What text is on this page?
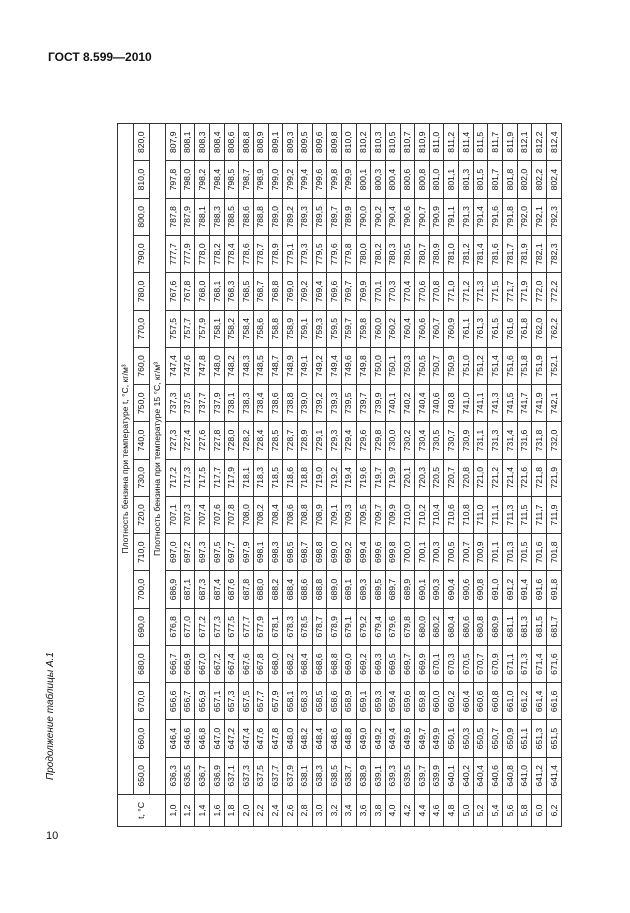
ГОСТ 8.599—2010
Продолжение таблицы А.1
t, °C	Плотность бензина при температуре t, °C, кг/м³																	
	650,0	660,0	670,0	680,0	690,0	700,0	710,0	720,0	730,0	740,0	750,0	760,0	770,0	780,0	790,0	800,0	810,0	820,0
	Плотность бензина при температуре 15 °C, кг/м³																	
1,0	636,3	646,4	656,6	666,7	676,8	686,9	697,0	707,1	717,2	727,3	737,3	747,4	757,5	767,6	777,7	787,8	797,8	807,9
1,2	636,5	646,6	656,7	666,9	677,0	687,1	697,2	707,3	717,3	727,4	737,5	747,6	757,7	767,8	777,9	787,9	798,0	808,1
1,4	636,7	646,8	656,9	667,0	677,2	687,3	697,3	707,4	717,5	727,6	737,7	747,8	757,9	768,0	778,0	788,1	798,2	808,3
1,6	636,9	647,0	657,1	667,2	677,3	687,4	697,5	707,6	717,7	727,8	737,9	748,0	758,1	768,1	778,2	788,3	798,4	808,4
1,8	637,1	647,2	657,3	667,4	677,5	687,6	697,7	707,8	717,9	728,0	738,1	748,2	758,2	768,3	778,4	788,5	798,5	808,6
2,0	637,3	647,4	657,5	667,6	677,7	687,8	697,9	708,0	718,1	728,2	738,3	748,3	758,4	768,5	778,6	788,6	798,7	808,8
2,2	637,5	647,6	657,7	667,8	677,9	688,0	698,1	708,2	718,3	728,4	738,4	748,5	758,6	768,7	778,7	788,8	798,9	808,9
2,4	637,7	647,8	657,9	668,0	678,1	688,2	698,3	708,4	718,5	728,5	738,6	748,7	758,8	768,8	778,9	789,0	799,0	809,1
2,6	637,9	648,0	658,1	668,2	678,3	688,4	698,5	708,6	718,6	728,7	738,8	748,9	758,9	769,0	779,1	789,2	799,2	809,3
2,8	638,1	648,2	658,3	668,4	678,5	688,6	698,7	708,8	718,8	728,9	739,0	749,1	759,1	769,2	779,3	789,3	799,4	809,5
3,0	638,3	648,4	658,5	668,6	678,7	688,8	698,8	708,9	719,0	729,1	739,2	749,2	759,3	769,4	779,5	789,5	799,6	809,6
3,2	638,5	648,6	658,6	668,8	678,9	689,0	699,0	709,1	719,2	729,3	739,3	749,4	759,5	769,6	779,6	789,7	799,8	809,8
3,4	638,7	648,8	658,9	669,0	679,1	689,1	699,2	709,3	719,4	729,4	739,5	749,6	759,7	769,7	779,8	789,9	799,9	810,0
3,6	638,9	649,0	659,1	669,2	679,2	689,3	699,4	709,5	719,6	729,6	739,7	749,8	759,8	769,9	780,0	790,0	800,1	810,2
3,8	639,1	649,2	659,3	669,3	679,4	689,5	699,6	709,7	719,7	729,8	739,9	750,0	760,0	770,1	780,2	790,2	800,3	810,3
4,0	639,3	649,4	659,4	669,5	679,6	689,7	699,8	709,9	719,9	730,0	740,1	750,1	760,2	770,3	780,3	790,4	800,4	810,5
4,2	639,5	649,6	659,6	669,7	679,8	689,9	700,0	710,0	720,1	730,2	740,2	750,3	760,4	770,4	780,5	790,6	800,6	810,7
4,4	639,7	649,7	659,8	669,9	680,0	690,1	700,1	710,2	720,3	730,4	740,4	750,5	760,6	770,6	780,7	790,7	800,8	810,9
4,6	639,9	649,9	660,0	670,1	680,2	690,3	700,3	710,4	720,5	730,5	740,6	750,7	760,7	770,8	780,9	790,9	801,0	811,0
4,8	640,1	650,1	660,2	670,3	680,4	690,4	700,5	710,6	720,7	730,7	740,8	750,9	760,9	771,0	781,0	791,1	801,1	811,2
5,0	640,2	650,3	660,4	670,5	680,6	690,6	700,7	710,8	720,8	730,9	741,0	751,0	761,1	771,2	781,2	791,3	801,3	811,4
5,2	640,4	650,5	660,6	670,7	680,8	690,8	700,9	711,0	721,0	731,1	741,1	751,2	761,3	771,3	781,4	791,4	801,5	811,5
5,4	640,6	650,7	660,8	670,9	680,9	691,0	701,1	711,1	721,2	731,3	741,3	751,4	761,5	771,5	781,6	791,6	801,7	811,7
5,6	640,8	650,9	661,0	671,1	681,1	691,2	701,3	711,3	721,4	731,4	741,5	751,6	761,6	771,7	781,7	791,8	801,8	811,9
5,8	641,0	651,1	661,2	671,3	681,3	691,4	701,5	711,5	721,6	731,6	741,7	751,8	761,8	771,9	781,9	792,0	802,0	812,1
6,0	641,2	651,3	661,4	671,4	681,5	691,6	701,6	711,7	721,8	731,8	741,9	751,9	762,0	772,0	782,1	792,1	802,2	812,2
6,2	641,4	651,5	661,6	671,6	681,7	691,8	701,8	711,9	721,9	732,0	742,1	752,1	762,2	772,2	782,3	792,3	802,4	812,4
10
